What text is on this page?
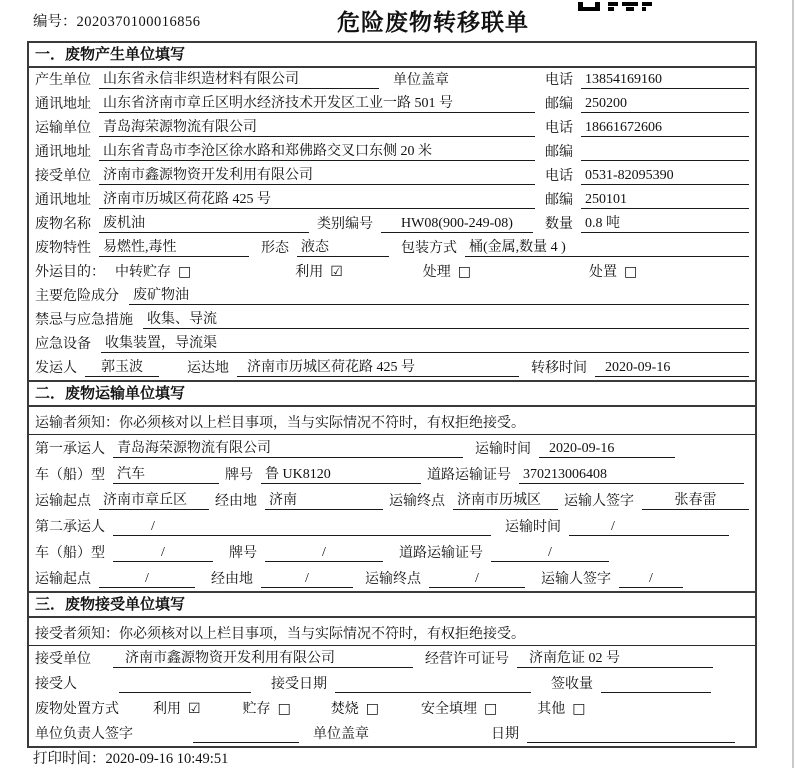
编号：2020370100016856	危险废物转移联单
一．废物产生单位填写
产生单位 山东省永信非织造材料有限公司	单位盖章	电话 13854169160
通讯地址 山东省济南市章丘区明水经济技术开发区工业一路 501 号	邮编 250200
运输单位 青岛海荣源物流有限公司	电话 18661672606
通讯地址 山东省青岛市李沧区徐水路和郑佛路交叉口东侧 20 米	邮编
接受单位 济南市鑫源物资开发利用有限公司	电话 0531-82095390
通讯地址 济南市历城区荷花路 425 号	邮编 250101
废物名称 废机油	类别编号	HW08(900-249-08)	数量 0.8 吨
废物特性 易燃性,毒性	形态 液态	包装方式 桶(金属,数量 4 )
外运目的： 中转贮存 □	利用 ☑	处理 □	处置 □
主要危险成分 废矿物油
禁忌与应急措施 收集、导流
应急设备 收集装置，导流渠
发运人	郭玉波	运达地	济南市历城区荷花路 425 号	转移时间	2020-09-16
二．废物运输单位填写
运输者须知：你必须核对以上栏目事项，当与实际情况不符时，有权拒绝接受。
第一承运人 青岛海荣源物流有限公司	运输时间	2020-09-16
车（船）型 汽车	牌号 鲁 UK8120	道路运输证号 370213006408
运输起点 济南市章丘区	经由地 济南	运输终点 济南市历城区	运输人签字	张春雷
第二承运人	/	运输时间	/
车（船）型	/	牌号	/	道路运输证号	/
运输起点	/	经由地	/	运输终点	/	运输人签字	/
三．废物接受单位填写
接受者须知：你必须核对以上栏目事项，当与实际情况不符时，有权拒绝接受。
接受单位	济南市鑫源物资开发利用有限公司	经营许可证号	济南危证 02 号
接受人	接受日期	签收量
废物处置方式 利用 ☑	贮存 □	焚烧 □	安全填埋 □	其他 □
单位负责人签字	单位盖章	日期
打印时间：2020-09-16 10:49:51
